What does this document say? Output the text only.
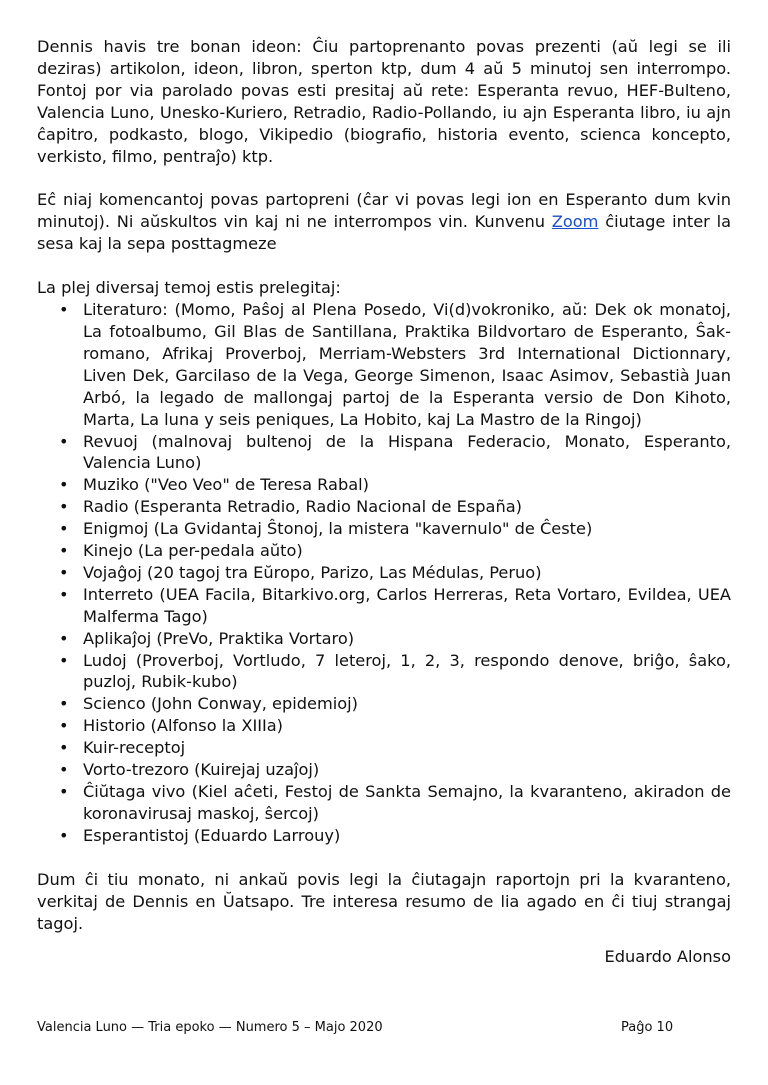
Dennis havis tre bonan ideon: Ĉiu partoprenanto povas prezenti (aŭ legi se ili deziras) artikolon, ideon, libron, sperton ktp, dum 4 aŭ 5 minutoj sen interrompo. Fontoj por via parolado povas esti presitaj aŭ rete: Esperanta revuo, HEF-Bulteno, Valencia Luno, Unesko-Kuriero, Retradio, Radio-Pollando, iu ajn Esperanta libro, iu ajn ĉapitro, podkasto, blogo, Vikipedio (biografio, historia evento, scienca koncepto, verkisto, filmo, pentraĵo) ktp.

Eĉ niaj komencantoj povas partopreni (ĉar vi povas legi ion en Esperanto dum kvin minutoj). Ni aŭskultos vin kaj ni ne interrompos vin. Kunvenu Zoom ĉiutage inter la sesa kaj la sepa posttagmeze

La plej diversaj temoj estis prelegitaj:

• Literaturo: (Momo, Paŝoj al Plena Posedo, Vi(d)vokroniko, aŭ: Dek ok monatoj, La fotoalbumo, Gil Blas de Santillana, Praktika Bildvortaro de Esperanto, Ŝak-romano, Afrikaj Proverboj, Merriam-Websters 3rd International Dictionnary, Liven Dek, Garcilaso de la Vega, George Simenon, Isaac Asimov, Sebastià Juan Arbó, la legado de mallongaj partoj de la Esperanta versio de Don Kihoto, Marta, La luna y seis peniques, La Hobito, kaj La Mastro de la Ringoj)
• Revuoj (malnovaj bultenoj de la Hispana Federacio, Monato, Esperanto, Valencia Luno)
• Muziko ("Veo Veo" de Teresa Rabal)
• Radio (Esperanta Retradio, Radio Nacional de España)
• Enigmoj (La Gvidantaj Ŝtonoj, la mistera "kavernulo" de Ĉeste)
• Kinejo (La per-pedala aŭto)
• Vojaĝoj (20 tagoj tra Eŭropo, Parizo, Las Médulas, Peruo)
• Interreto (UEA Facila, Bitarkivo.org, Carlos Herreras, Reta Vortaro, Evildea, UEA Malferma Tago)
• Aplikaĵoj (PreVo, Praktika Vortaro)
• Ludoj (Proverboj, Vortludo, 7 leteroj, 1, 2, 3, respondo denove, briĝo, ŝako, puzloj, Rubik-kubo)
• Scienco (John Conway, epidemioj)
• Historio (Alfonso la XIIIa)
• Kuir-receptoj
• Vorto-trezoro (Kuirejaj uzaĵoj)
• Ĉiŭtaga vivo (Kiel aĉeti, Festoj de Sankta Semajno, la kvaranteno, akiradon de koronavirusaj maskoj, ŝercoj)
• Esperantistoj (Eduardo Larrouy)

Dum ĉi tiu monato, ni ankaŭ povis legi la ĉiutagajn raportojn pri la kvaranteno, verkitaj de Dennis en Ŭatsapo. Tre interesa resumo de lia agado en ĉi tiuj strangaj tagoj.

Eduardo Alonso

Valencia Luno — Tria epoko — Numero 5 – Majo 2020	Paĝo 10
